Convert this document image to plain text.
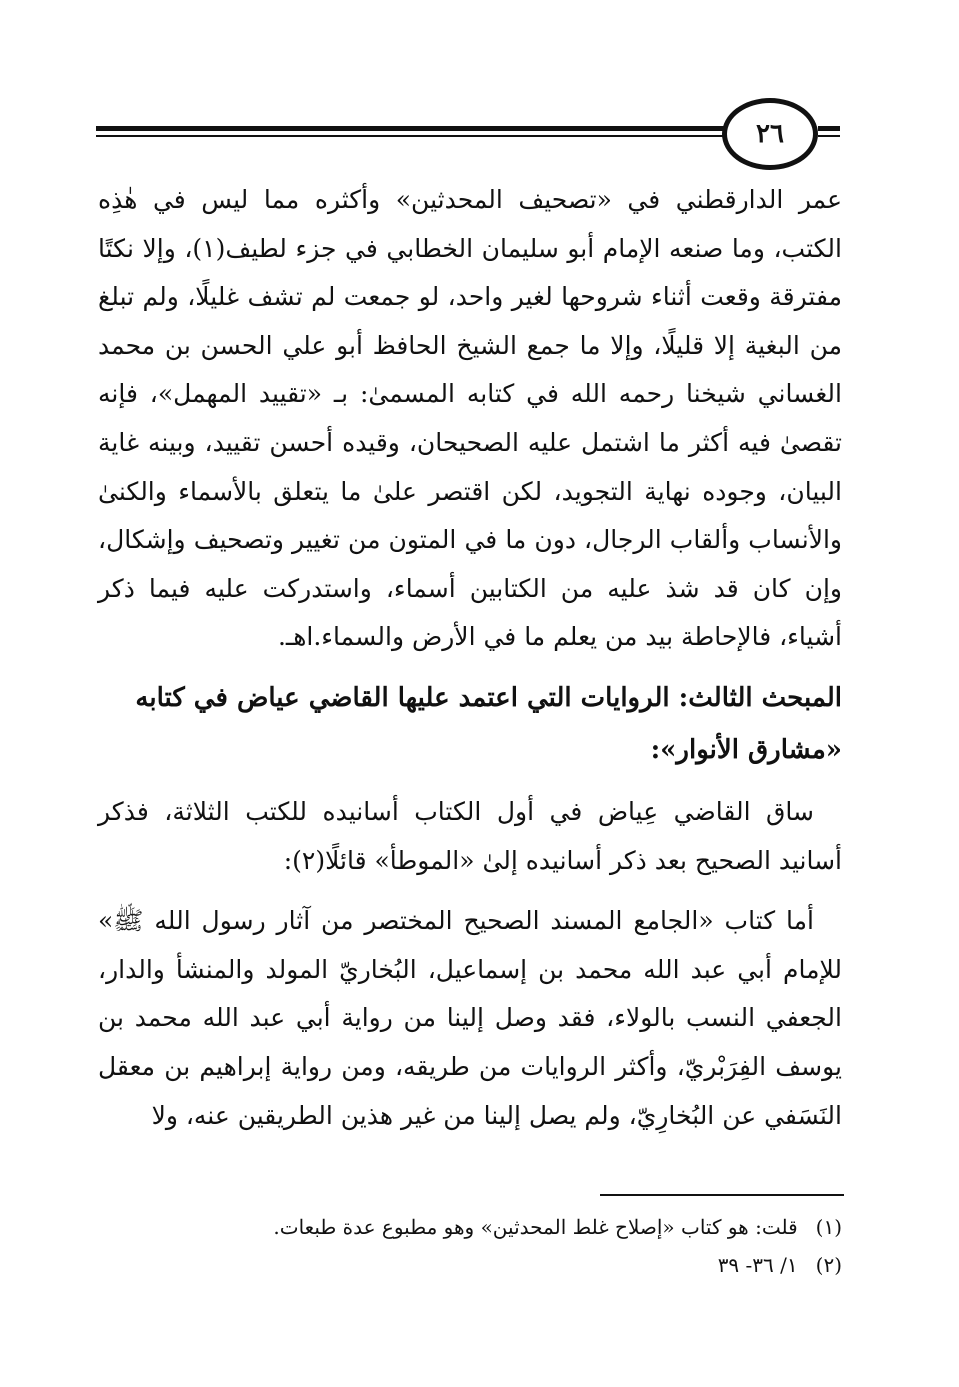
٢٦

عمر الدارقطني في «تصحيف المحدثين» وأكثره مما ليس في هٰذِه الكتب، وما صنعه الإمام أبو سليمان الخطابي في جزء لطيف(١)، وإلا نكتًا مفترقة وقعت أثناء شروحها لغير واحد، لو جمعت لم تشف غليلًا، ولم تبلغ من البغية إلا قليلًا، وإلا ما جمع الشيخ الحافظ أبو علي الحسن بن محمد الغساني شيخنا رحمه الله في كتابه المسمىٰ: بـ «تقييد المهمل»، فإنه تقصىٰ فيه أكثر ما اشتمل عليه الصحيحان، وقيده أحسن تقييد، وبينه غاية البيان، وجوده نهاية التجويد، لكن اقتصر علىٰ ما يتعلق بالأسماء والكنىٰ والأنساب وألقاب الرجال، دون ما في المتون من تغيير وتصحيف وإشكال، وإن كان قد شذ عليه من الكتابين أسماء، واستدركت عليه فيما ذكر أشياء، فالإحاطة بيد من يعلم ما في الأرض والسماء.اهـ.

المبحث الثالث: الروايات التي اعتمد عليها القاضي عياض في كتابه «مشارق الأنوار»:

ساق القاضي عِياض في أول الكتاب أسانيده للكتب الثلاثة، فذكر أسانيد الصحيح بعد ذكر أسانيده إلىٰ «الموطأ» قائلًا(٢):

أما كتاب «الجامع المسند الصحيح المختصر من آثار رسول الله ﷺ» للإمام أبي عبد الله محمد بن إسماعيل، البُخاريّ المولد والمنشأ والدار، الجعفي النسب بالولاء، فقد وصل إلينا من رواية أبي عبد الله محمد بن يوسف الفِرَبْريّ، وأكثر الروايات من طريقه، ومن رواية إبراهيم بن معقل النَسَفي عن البُخارِيّ، ولم يصل إلينا من غير هذين الطريقين عنه، ولا

(١) قلت: هو كتاب «إصلاح غلط المحدثين» وهو مطبوع عدة طبعات.
(٢) ١/ ٣٦- ٣٩
